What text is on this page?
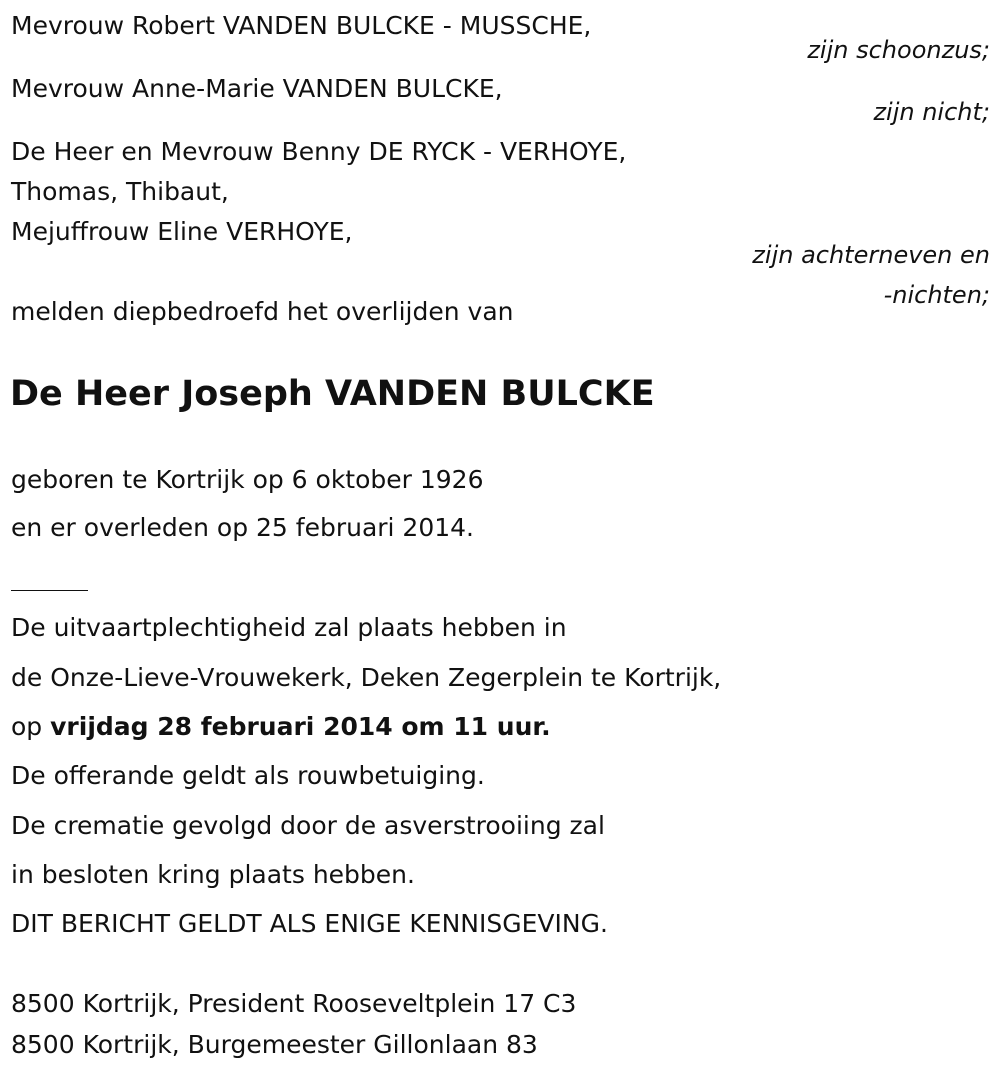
Mevrouw Robert VANDEN BULCKE - MUSSCHE,
zijn schoonzus;
Mevrouw Anne-Marie VANDEN BULCKE,
zijn nicht;
De Heer en Mevrouw Benny DE RYCK - VERHOYE,
Thomas, Thibaut,
Mejuffrouw Eline VERHOYE,
zijn achterneven en
-nichten;
melden diepbedroefd het overlijden van
De Heer Joseph VANDEN BULCKE
geboren te Kortrijk op 6 oktober 1926
en er overleden op 25 februari 2014.
De uitvaartplechtigheid zal plaats hebben in
de Onze-Lieve-Vrouwekerk, Deken Zegerplein te Kortrijk,
op vrijdag 28 februari 2014 om 11 uur.
De offerande geldt als rouwbetuiging.
De crematie gevolgd door de asverstrooiing zal
in besloten kring plaats hebben.
DIT BERICHT GELDT ALS ENIGE KENNISGEVING.
8500 Kortrijk, President Rooseveltplein 17 C3
8500 Kortrijk, Burgemeester Gillonlaan 83
